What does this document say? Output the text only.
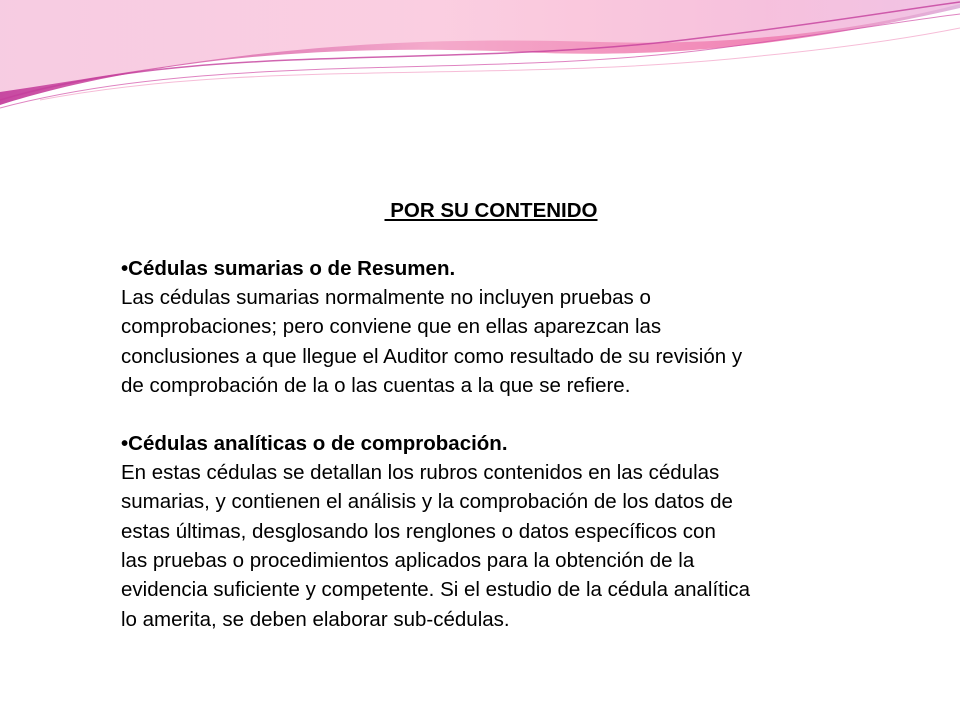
POR SU CONTENIDO
•Cédulas sumarias o de Resumen.
Las cédulas sumarias normalmente no incluyen pruebas o
comprobaciones; pero conviene que en ellas aparezcan las
conclusiones a que llegue el Auditor como resultado de su revisión y
de comprobación de la o las cuentas a la que se refiere.
•Cédulas analíticas o de comprobación.
En estas cédulas se detallan los rubros contenidos en las cédulas
sumarias, y contienen el análisis y la comprobación de los datos de
estas últimas, desglosando los renglones o datos específicos con
las pruebas o procedimientos aplicados para la obtención de la
evidencia suficiente y competente. Si el estudio de la cédula analítica
lo amerita, se deben elaborar sub-cédulas.
